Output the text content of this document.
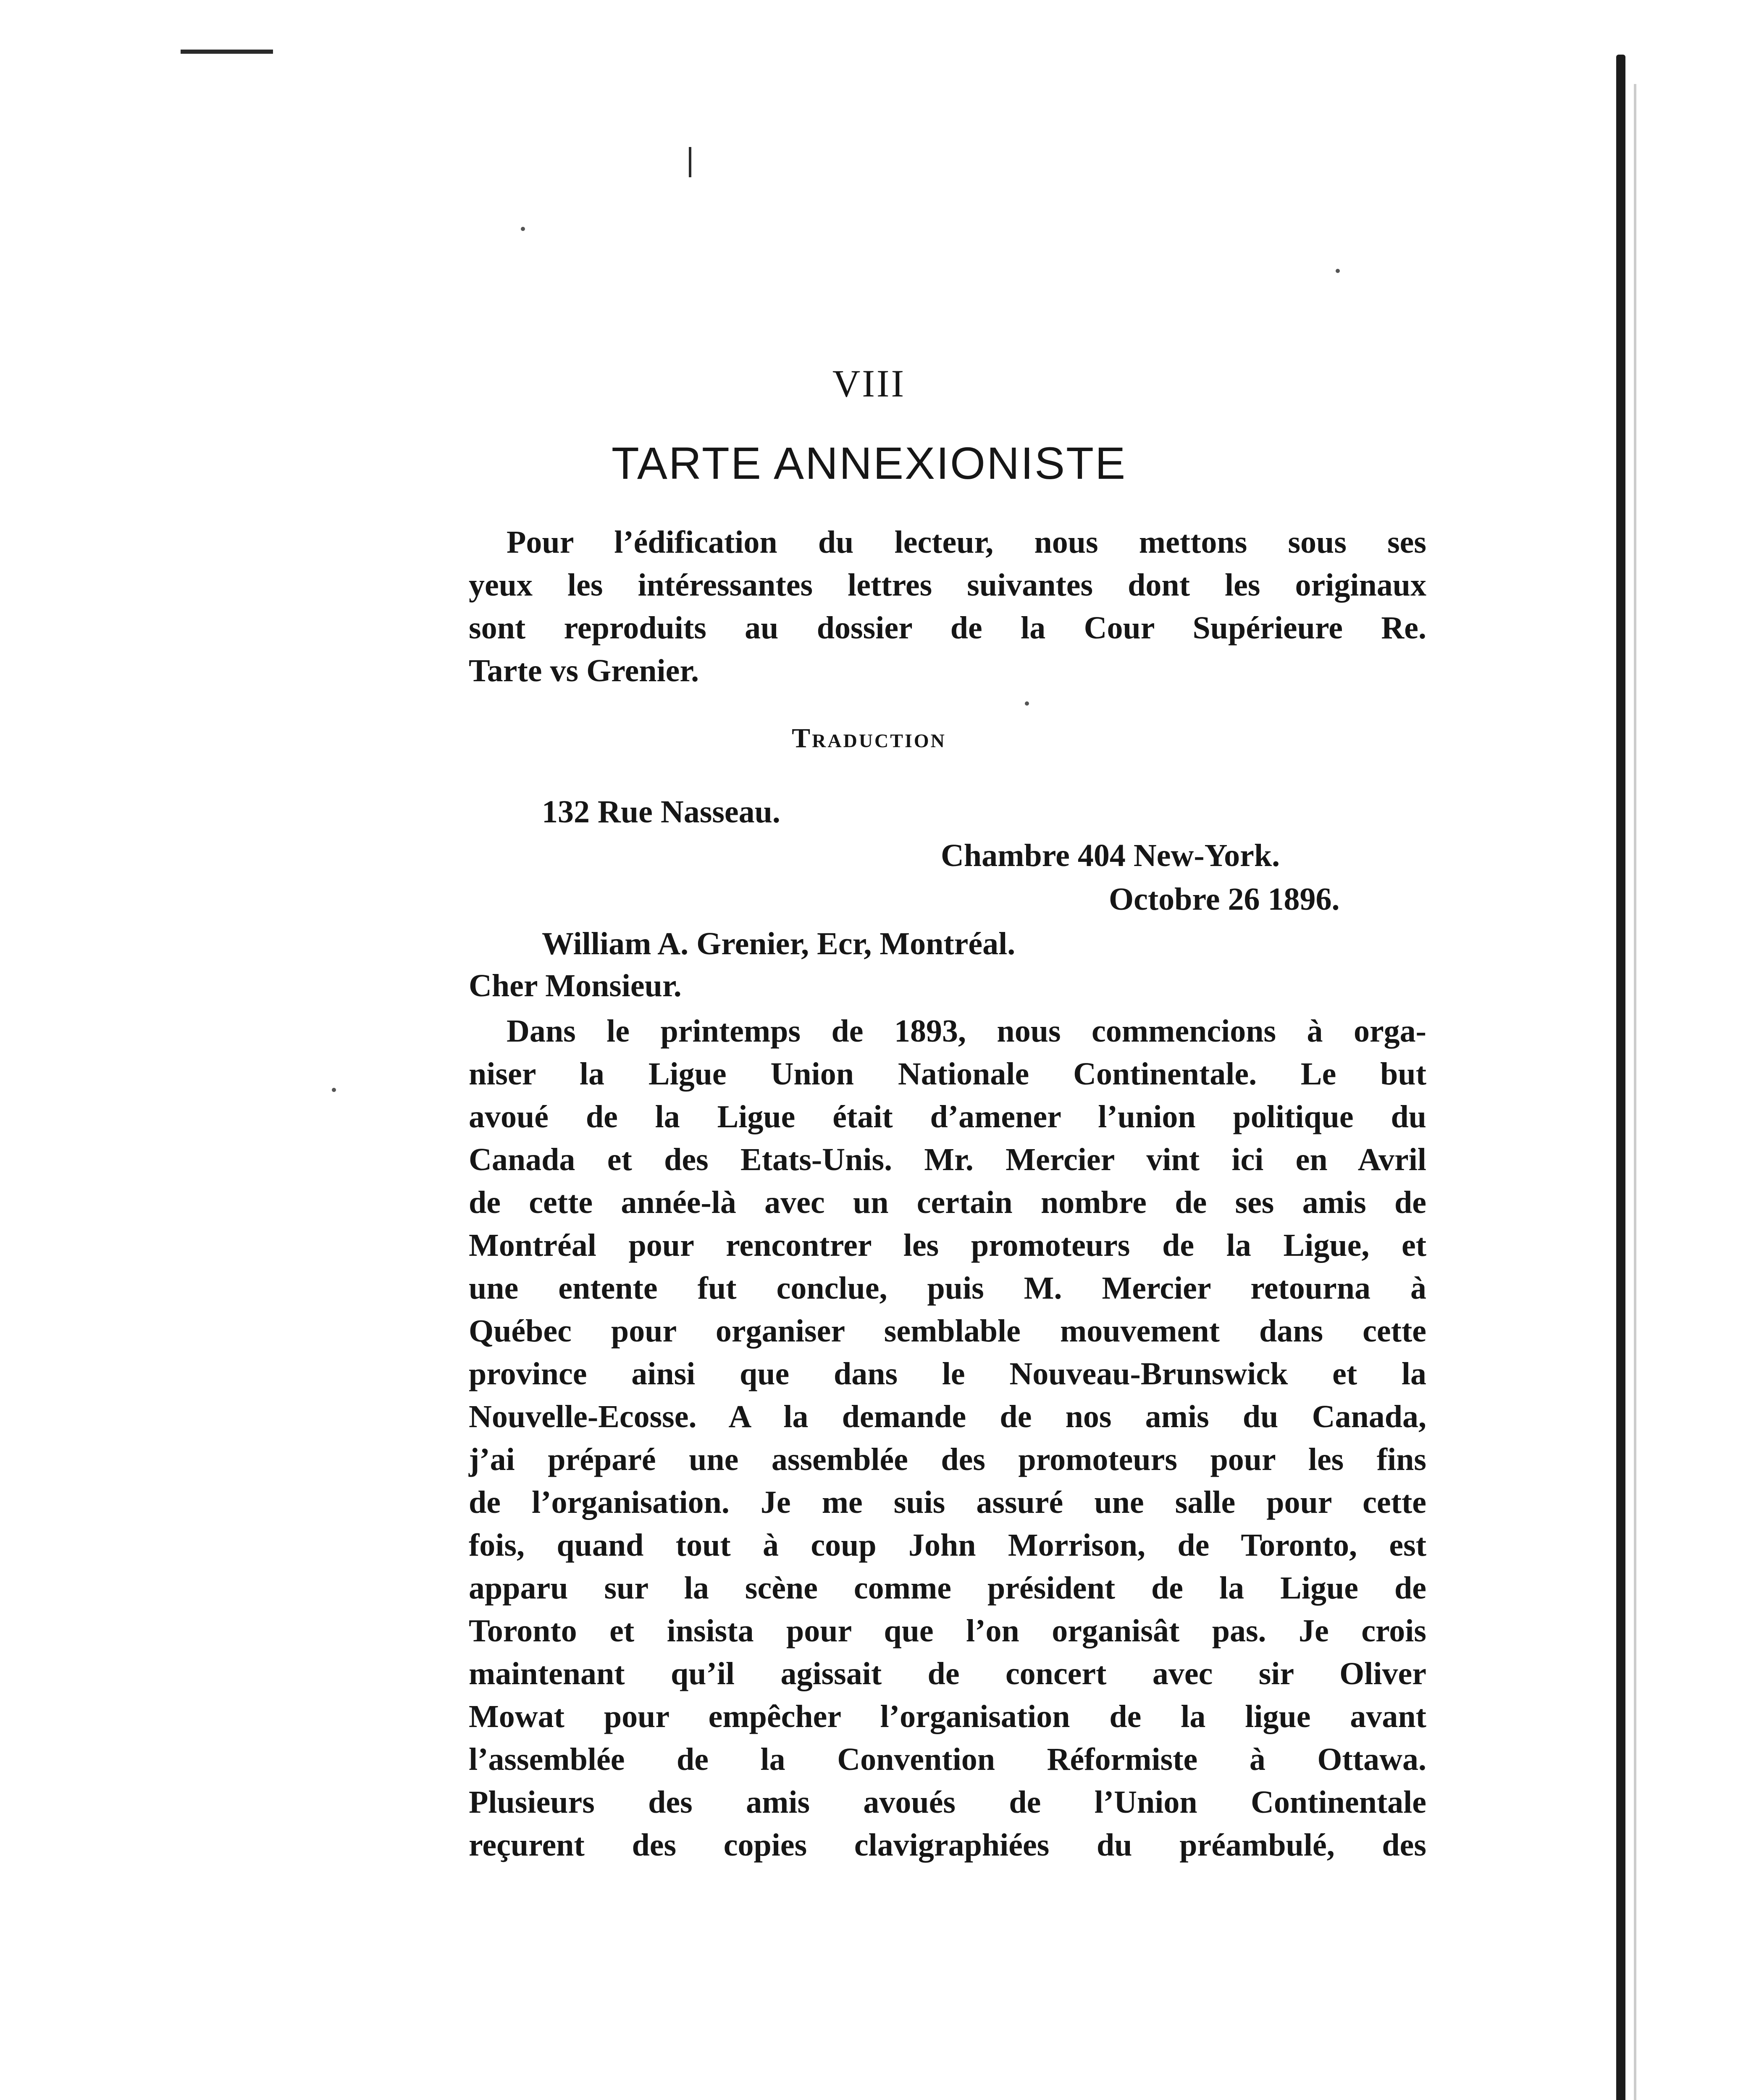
VIII
TARTE ANNEXIONISTE
Pour l’édification du lecteur, nous mettons sous ses
yeux les intéressantes lettres suivantes dont les originaux
sont reproduits au dossier de la Cour Supérieure Re.
Tarte vs Grenier.
Traduction
132 Rue Nasseau.
Chambre 404 New-York.
Octobre 26 1896.
William A. Grenier, Ecr, Montréal.
Cher Monsieur.
Dans le printemps de 1893, nous commencions à orga-
niser la Ligue Union Nationale Continentale. Le but
avoué de la Ligue était d’amener l’union politique du
Canada et des Etats-Unis. Mr. Mercier vint ici en Avril
de cette année-là avec un certain nombre de ses amis de
Montréal pour rencontrer les promoteurs de la Ligue, et
une entente fut conclue, puis M. Mercier retourna à
Québec pour organiser semblable mouvement dans cette
province ainsi que dans le Nouveau-Brunswick et la
Nouvelle-Ecosse. A la demande de nos amis du Canada,
j’ai préparé une assemblée des promoteurs pour les fins
de l’organisation. Je me suis assuré une salle pour cette
fois, quand tout à coup John Morrison, de Toronto, est
apparu sur la scène comme président de la Ligue de
Toronto et insista pour que l’on organisât pas. Je crois
maintenant qu’il agissait de concert avec sir Oliver
Mowat pour empêcher l’organisation de la ligue avant
l’assemblée de la Convention Réformiste à Ottawa.
Plusieurs des amis avoués de l’Union Continentale
reçurent des copies clavigraphiées du préambulé, des
